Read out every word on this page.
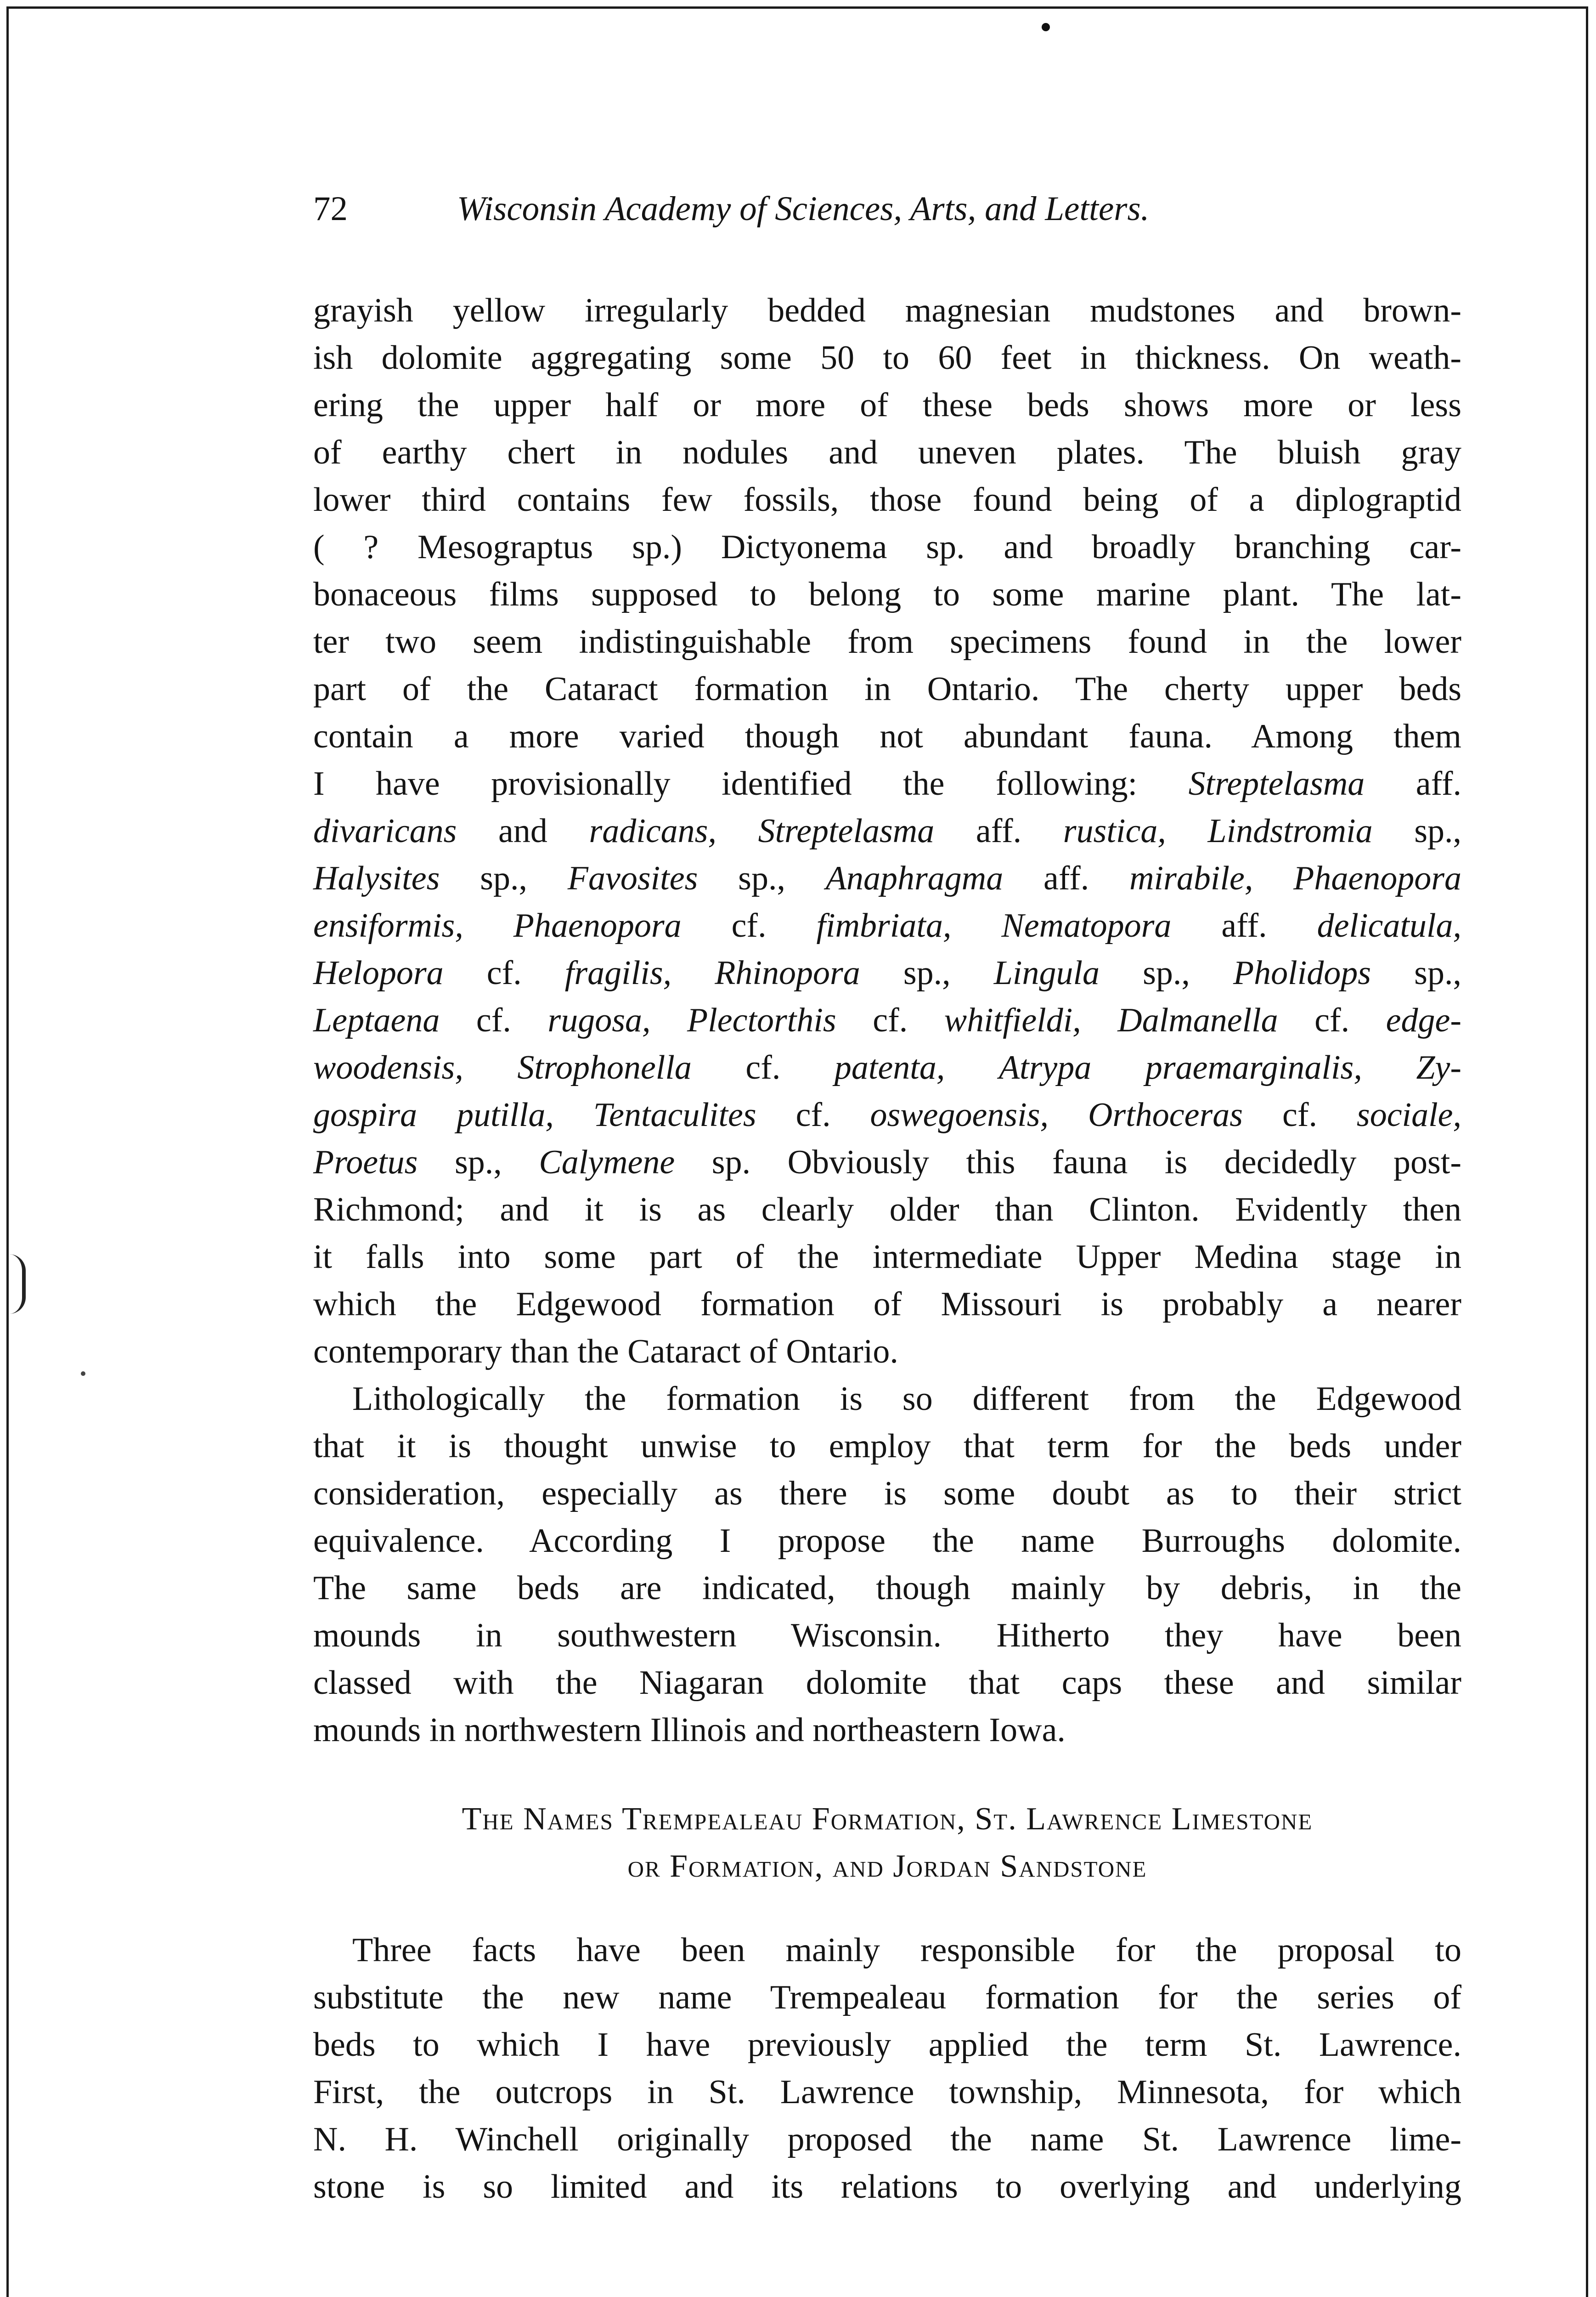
72	Wisconsin Academy of Sciences, Arts, and Letters.

grayish yellow irregularly bedded magnesian mudstones and brown-

ish dolomite aggregating some 50 to 60 feet in thickness. On weath-

ering the upper half or more of these beds shows more or less

of earthy chert in nodules and uneven plates. The bluish gray

lower third contains few fossils, those found being of a diplograptid

( ? Mesograptus sp.) Dictyonema sp. and broadly branching car-

bonaceous films supposed to belong to some marine plant. The lat-

ter two seem indistinguishable from specimens found in the lower

part of the Cataract formation in Ontario. The cherty upper beds

contain a more varied though not abundant fauna. Among them

I have provisionally identified the following: Streptelasma aff.

divaricans and radicans, Streptelasma aff. rustica, Lindstromia sp.,

Halysites sp., Favosites sp., Anaphragma aff. mirabile, Phaenopora

ensiformis, Phaenopora cf. fimbriata, Nematopora aff. delicatula,

Helopora cf. fragilis, Rhinopora sp., Lingula sp., Pholidops sp.,

Leptaena cf. rugosa, Plectorthis cf. whitfieldi, Dalmanella cf. edge-

woodensis, Strophonella cf. patenta, Atrypa praemarginalis, Zy-

gospira putilla, Tentaculites cf. oswegoensis, Orthoceras cf. sociale,

Proetus sp., Calymene sp. Obviously this fauna is decidedly post-

Richmond; and it is as clearly older than Clinton. Evidently then

it falls into some part of the intermediate Upper Medina stage in

which the Edgewood formation of Missouri is probably a nearer

contemporary than the Cataract of Ontario.

Lithologically the formation is so different from the Edgewood

that it is thought unwise to employ that term for the beds under

consideration, especially as there is some doubt as to their strict

equivalence. According I propose the name Burroughs dolomite.

The same beds are indicated, though mainly by debris, in the

mounds in southwestern Wisconsin. Hitherto they have been

classed with the Niagaran dolomite that caps these and similar

mounds in northwestern Illinois and northeastern Iowa.

The Names Trempealeau Formation, St. Lawrence Limestone
or Formation, and Jordan Sandstone

Three facts have been mainly responsible for the proposal to

substitute the new name Trempealeau formation for the series of

beds to which I have previously applied the term St. Lawrence.

First, the outcrops in St. Lawrence township, Minnesota, for which

N. H. Winchell originally proposed the name St. Lawrence lime-

stone is so limited and its relations to overlying and underlying
